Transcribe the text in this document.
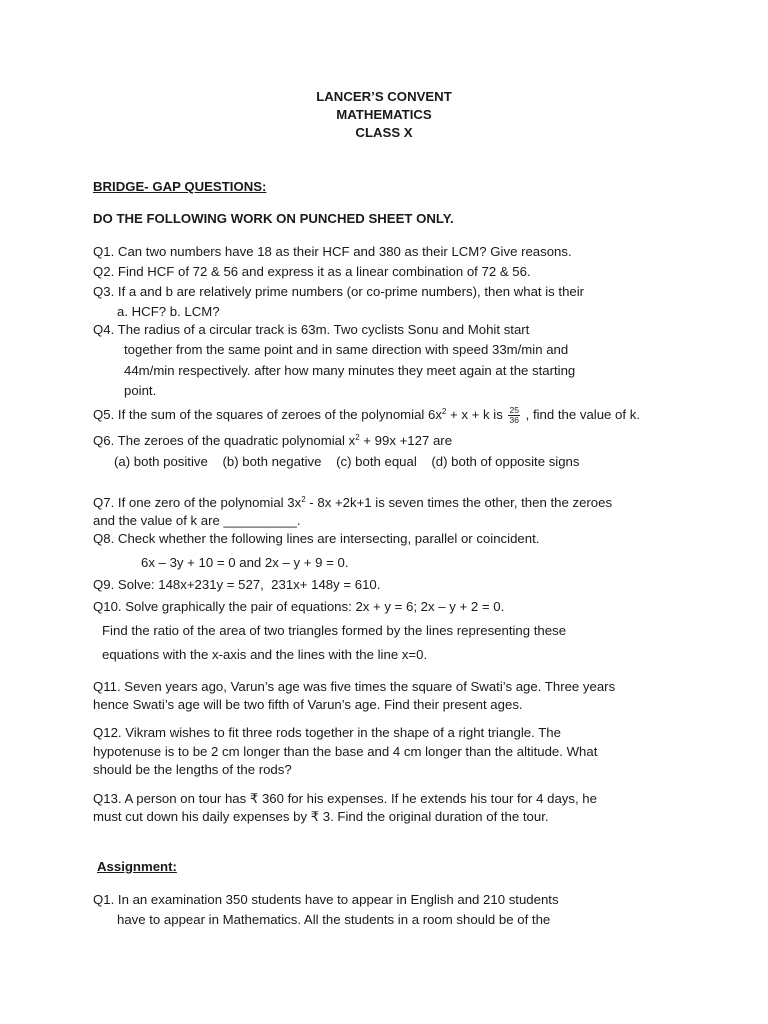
LANCER’S CONVENT
MATHEMATICS
CLASS X
BRIDGE- GAP QUESTIONS:
DO THE FOLLOWING WORK ON PUNCHED SHEET ONLY.
Q1. Can two numbers have 18 as their HCF and 380 as their LCM? Give reasons.
Q2. Find HCF of 72 & 56 and express it as a linear combination of 72 & 56.
Q3. If a and b are relatively prime numbers (or co-prime numbers), then what is their
a. HCF? b. LCM?
Q4. The radius of a circular track is 63m. Two cyclists Sonu and Mohit start
together from the same point and in same direction with speed 33m/min and
44m/min respectively. after how many minutes they meet again at the starting
point.
Q5. If the sum of the squares of zeroes of the polynomial $6x^2 + x + k$ is $\frac{25}{36}$ , find the value of k.
Q6. The zeroes of the quadratic polynomial $x^2 + 99x +127$ are
(a) both positive    (b) both negative    (c) both equal    (d) both of opposite signs
Q7. If one zero of the polynomial $3x^2 - 8x +2k+1$ is seven times the other, then the zeroes
and the value of k are __________.
Q8. Check whether the following lines are intersecting, parallel or coincident.
6x – 3y + 10 = 0 and 2x – y + 9 = 0.
Q9. Solve: 148x+231y = 527,  231x+ 148y = 610.
Q10. Solve graphically the pair of equations: 2x + y = 6; 2x – y + 2 = 0.
Find the ratio of the area of two triangles formed by the lines representing these
equations with the x-axis and the lines with the line x=0.
Q11. Seven years ago, Varun’s age was five times the square of Swati’s age. Three years
hence Swati’s age will be two fifth of Varun’s age. Find their present ages.
Q12. Vikram wishes to fit three rods together in the shape of a right triangle. The
hypotenuse is to be 2 cm longer than the base and 4 cm longer than the altitude. What
should be the lengths of the rods?
Q13. A person on tour has ₹ 360 for his expenses. If he extends his tour for 4 days, he
must cut down his daily expenses by ₹ 3. Find the original duration of the tour.
Assignment:
Q1. In an examination 350 students have to appear in English and 210 students
have to appear in Mathematics. All the students in a room should be of the
